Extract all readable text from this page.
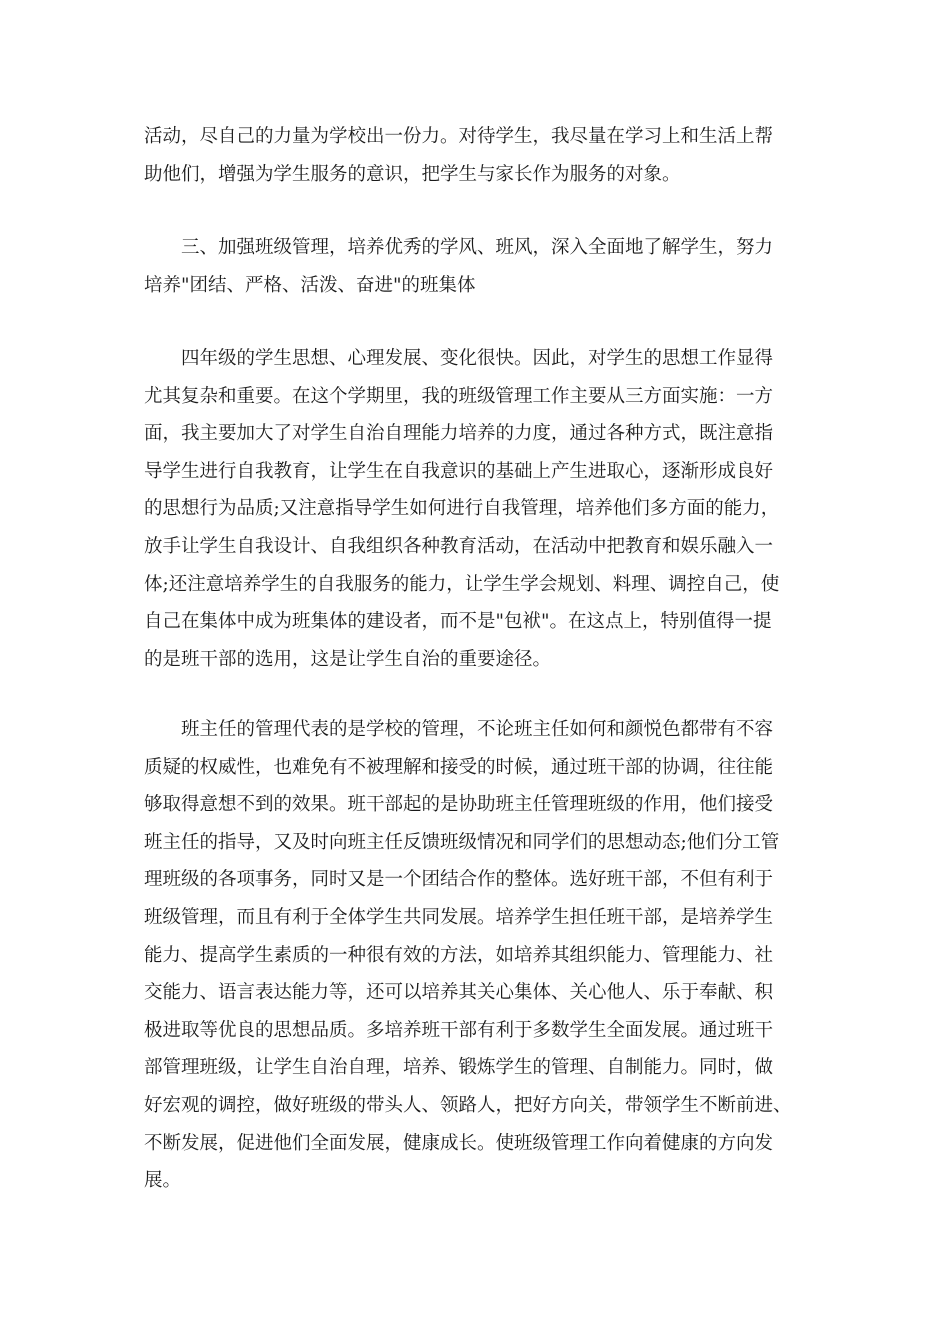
活动，尽自己的力量为学校出一份力。对待学生，我尽量在学习上和生活上帮
助他们，增强为学生服务的意识，把学生与家长作为服务的对象。
三、加强班级管理，培养优秀的学风、班风，深入全面地了解学生，努力
培养"团结、严格、活泼、奋进"的班集体
四年级的学生思想、心理发展、变化很快。因此，对学生的思想工作显得
尤其复杂和重要。在这个学期里，我的班级管理工作主要从三方面实施：一方
面，我主要加大了对学生自治自理能力培养的力度，通过各种方式，既注意指
导学生进行自我教育，让学生在自我意识的基础上产生进取心，逐渐形成良好
的思想行为品质;又注意指导学生如何进行自我管理，培养他们多方面的能力，
放手让学生自我设计、自我组织各种教育活动，在活动中把教育和娱乐融入一
体;还注意培养学生的自我服务的能力，让学生学会规划、料理、调控自己，使
自己在集体中成为班集体的建设者，而不是"包袱"。在这点上，特别值得一提
的是班干部的选用，这是让学生自治的重要途径。
班主任的管理代表的是学校的管理，不论班主任如何和颜悦色都带有不容
质疑的权威性，也难免有不被理解和接受的时候，通过班干部的协调，往往能
够取得意想不到的效果。班干部起的是协助班主任管理班级的作用，他们接受
班主任的指导，又及时向班主任反馈班级情况和同学们的思想动态;他们分工管
理班级的各项事务，同时又是一个团结合作的整体。选好班干部，不但有利于
班级管理，而且有利于全体学生共同发展。培养学生担任班干部，是培养学生
能力、提高学生素质的一种很有效的方法，如培养其组织能力、管理能力、社
交能力、语言表达能力等，还可以培养其关心集体、关心他人、乐于奉献、积
极进取等优良的思想品质。多培养班干部有利于多数学生全面发展。通过班干
部管理班级，让学生自治自理，培养、锻炼学生的管理、自制能力。同时，做
好宏观的调控，做好班级的带头人、领路人，把好方向关，带领学生不断前进、
不断发展，促进他们全面发展，健康成长。使班级管理工作向着健康的方向发
展。
